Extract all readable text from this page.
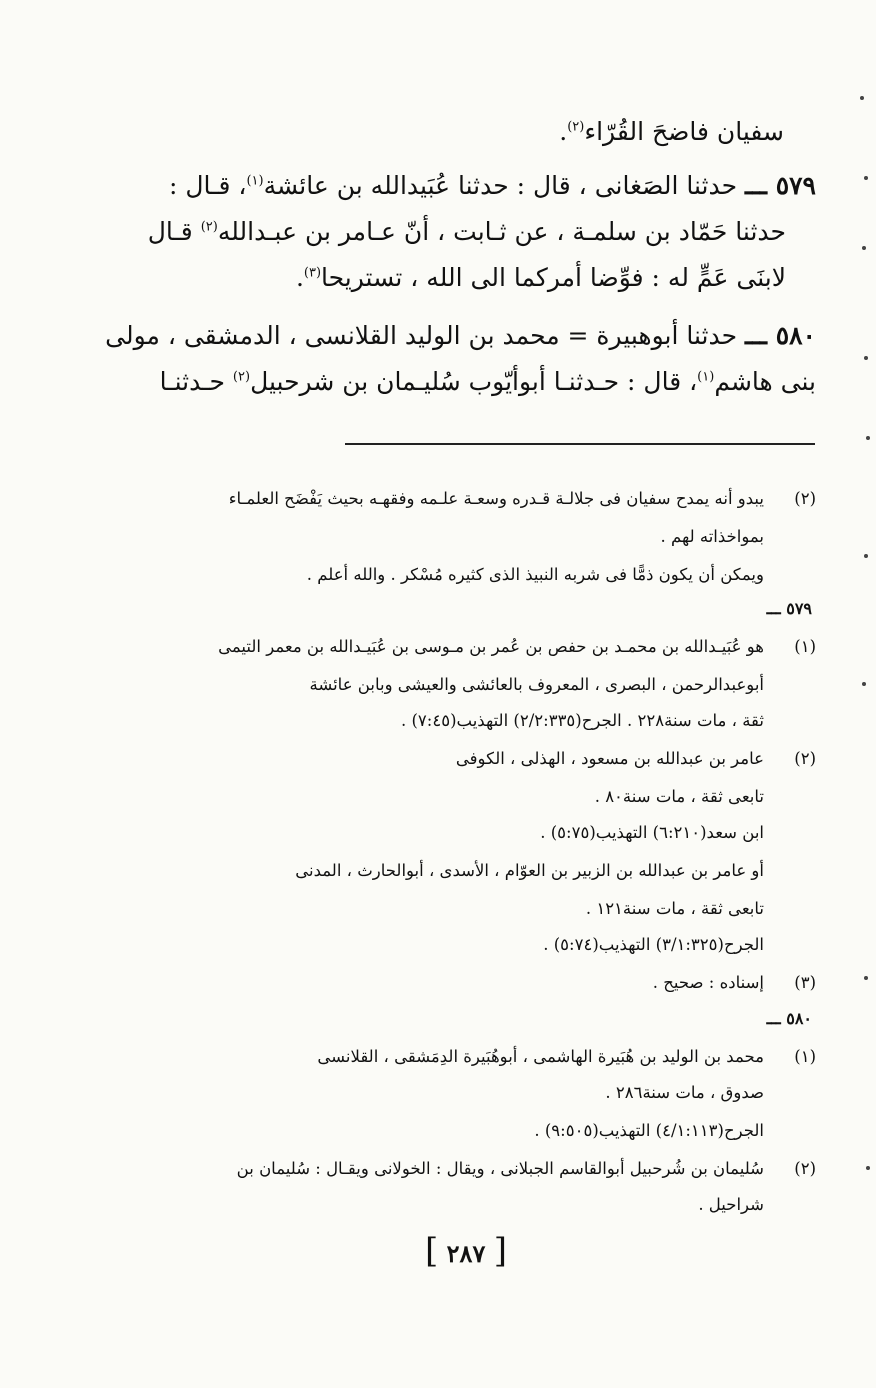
سفيان فاضحَ القُرّاء$^{(٢)}$.
٥٧٩ ـــ حدثنا الصَغانى ، قال : حدثنا عُبَيدالله بن عائشة$^{(١)}$، قـال :
حدثنا حَمّاد بن سلمـة ، عن ثـابت ، أنّ عـامر بن عبـدالله$^{(٢)}$ قـال
لابنَى عَمٍّ له : فوِّضا أمركما الى الله ، تستريحا$^{(٣)}$.
٥٨٠ ـــ حدثنا أبوهبيرة = محمد بن الوليد القلانسى ، الدمشقى ، مولى
بنى هاشم$^{(١)}$، قال : حـدثنـا أبوأيّوب سُليـمان بن شرحبيل$^{(٢)}$ حـدثنـا
(٢)
يبدو أنه يمدح سفيان فى جلالـة قـدره وسعـة علـمه وفقهـه بحيث يَفْضَح العلمـاء
بمواخذاته لهم .
ويمكن أن يكون ذمًّا فى شربه النبيذ الذى كثيره مُسْكر . والله أعلم .
٥٧٩ ـــ
(١)
هو عُبَيـدالله بن محمـد بن حفص بن عُمر بن مـوسى بن عُبَيـدالله بن معمر التيمى
أبوعبدالرحمن ، البصرى ، المعروف بالعائشى والعيشى وبابن عائشة
ثقة ، مات سنة٢٢٨ . الجرح(٢/٢:٣٣٥) التهذيب(٧:٤٥) .
(٢)
عامر بن عبدالله بن مسعود ، الهذلى ، الكوفى
تابعى ثقة ، مات سنة٨٠ .
ابن سعد(٦:٢١٠) التهذيب(٥:٧٥) .
أو عامر بن عبدالله بن الزبير بن العوّام ، الأسدى ، أبوالحارث ، المدنى
تابعى ثقة ، مات سنة١٢١ .
الجرح(٣/١:٣٢٥) التهذيب(٥:٧٤) .
(٣)
إسناده : صحيح .
٥٨٠ ـــ
(١)
محمد بن الوليد بن هُبَيرة الهاشمى ، أبوهُبَيرة الدِمَشقى ، القلانسى
صدوق ، مات سنة٢٨٦ .
الجرح(٤/١:١١٣) التهذيب(٩:٥٠٥) .
(٢)
سُليمان بن شُرحبيل أبوالقاسم الجبلانى ، ويقال : الخولانى ويقـال : سُليمان بن
شراحيل .
[ ٢٨٧ ]
